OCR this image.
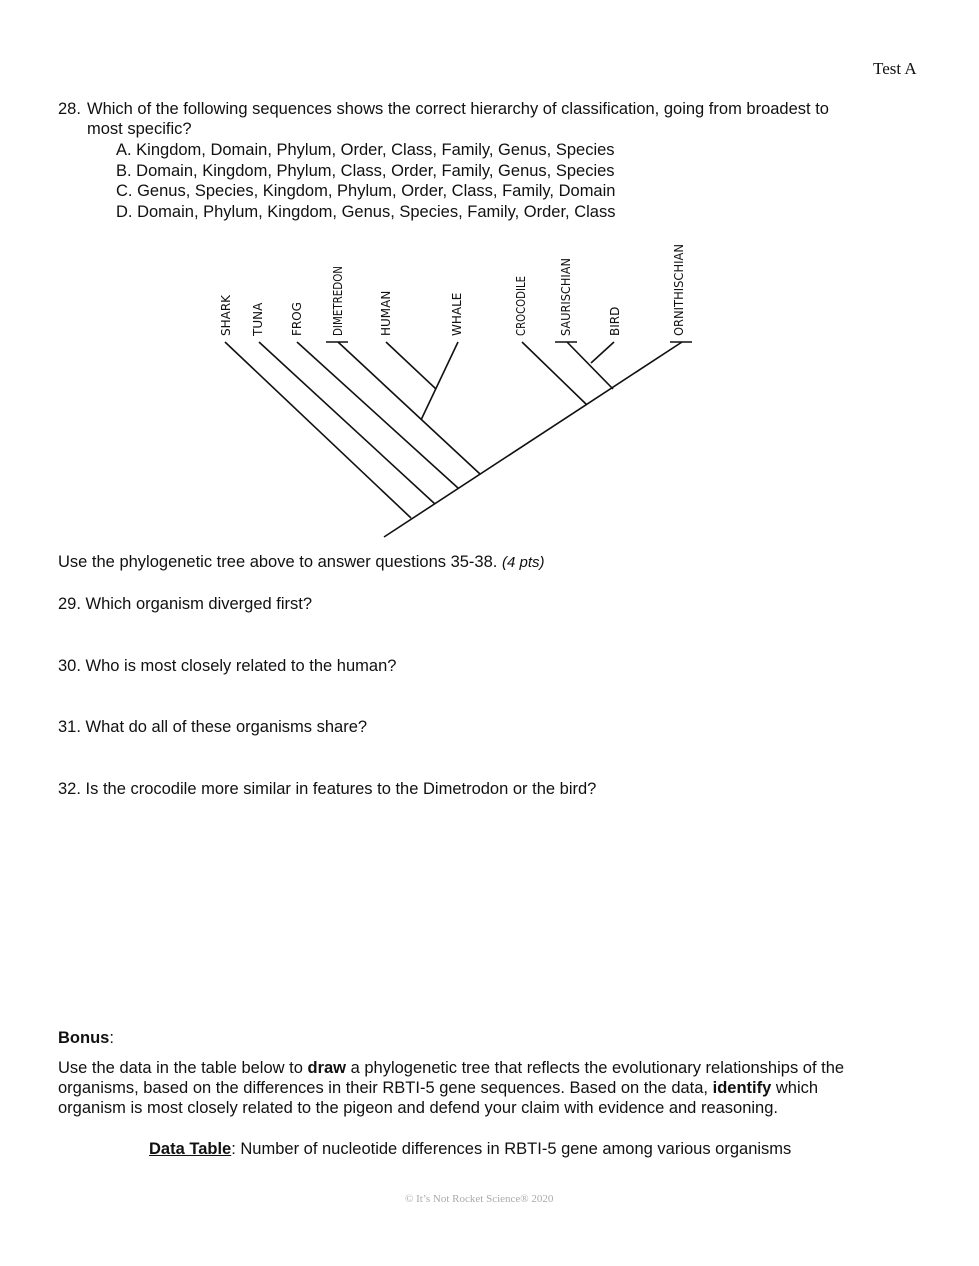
Test A
28. Which of the following sequences shows the correct hierarchy of classification, going from broadest to
most specific?
A. Kingdom, Domain, Phylum, Order, Class, Family, Genus, Species
B. Domain, Kingdom, Phylum, Class, Order, Family, Genus, Species
C. Genus, Species, Kingdom, Phylum, Order, Class, Family, Domain
D. Domain, Phylum, Kingdom, Genus, Species, Family, Order, Class
SHARK TUNA FROG DIMETREDON	HUMAN	WHALE	CROCODILE	SAURISCHIAN	BIRD	ORNITHISCHIAN
Use the phylogenetic tree above to answer questions 35-38. (4 pts)
29. Which organism diverged first?
30. Who is most closely related to the human?
31. What do all of these organisms share?
32. Is the crocodile more similar in features to the Dimetrodon or the bird?
Bonus:
Use the data in the table below to draw a phylogenetic tree that reflects the evolutionary relationships of the
organisms, based on the differences in their RBTI-5 gene sequences. Based on the data, identify which
organism is most closely related to the pigeon and defend your claim with evidence and reasoning.
Data Table: Number of nucleotide differences in RBTI-5 gene among various organisms
© It’s Not Rocket Science® 2020
